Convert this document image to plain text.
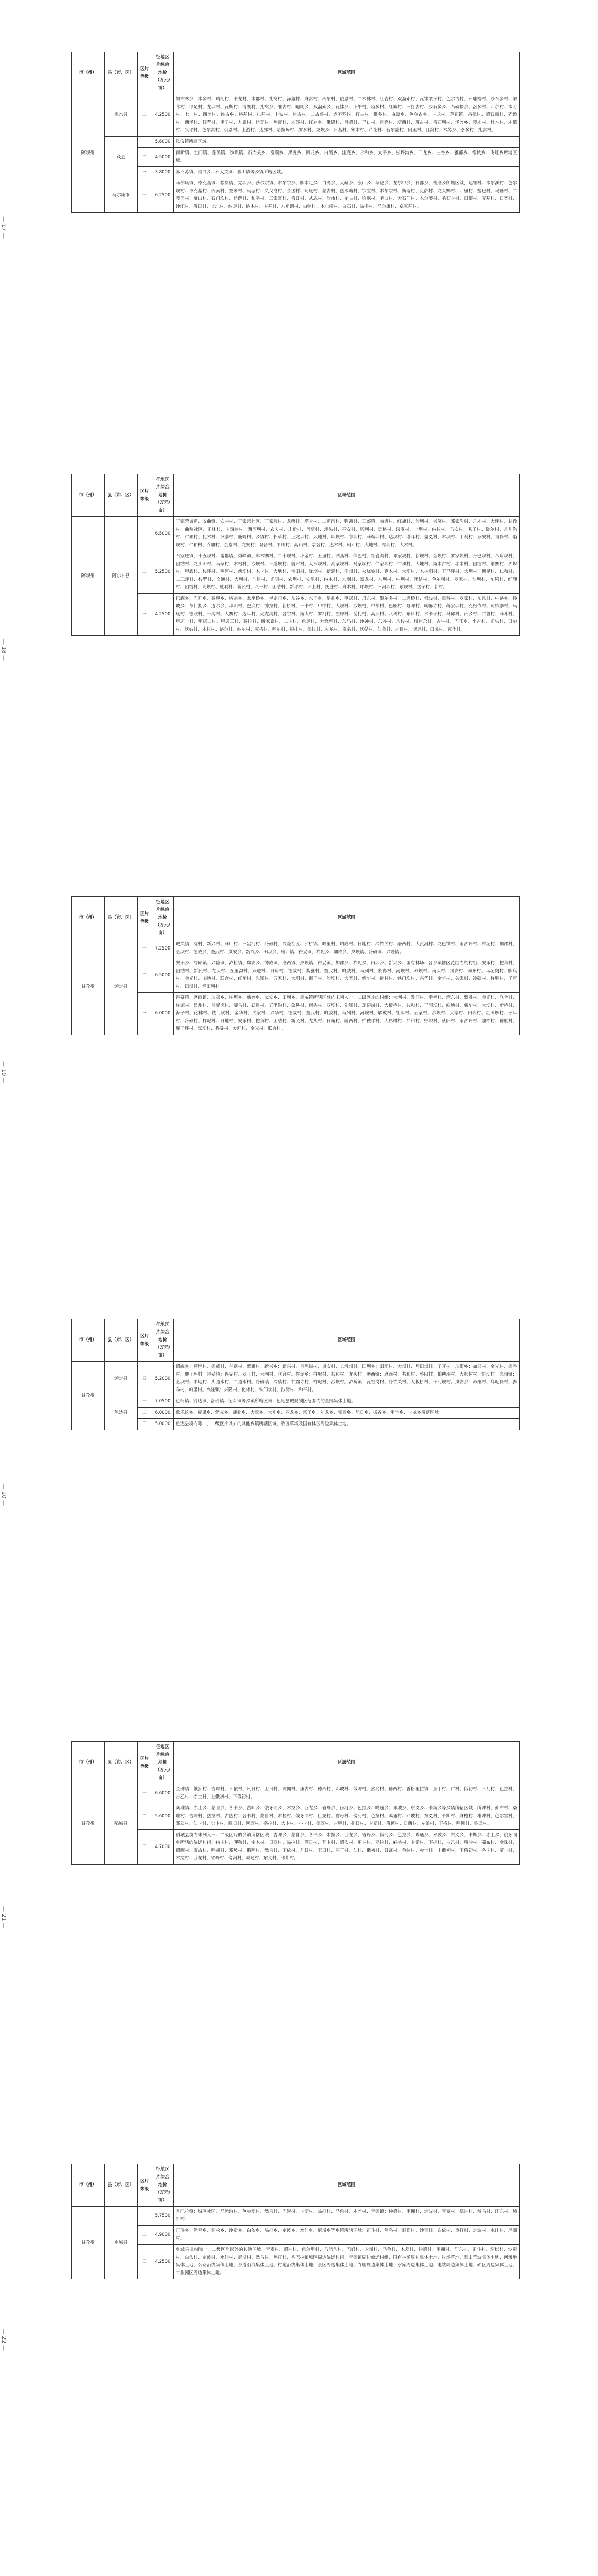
— 17 —
市（州）	县（市、区）	区片等级	征地区片综合地价（万元/亩）	区域范围
阿坝州	黑水县	二	4.2500	知木林乡：木多村、晴朗村、卡龙村、木都村、扎窝村、泽盖村、麻窝村、西尔村、俄恩村、二木林村、红岩村、双溜索村、瓦钵梁子村、色尔古村、石雕楼村、沙石多村、羊茸村、甲足村、龙坝村、瓦斯村、清朗村、扎窝乡、维古村、晴朗乡、双溜索乡、瓦钵乡、下午村、塔多村、红旗村、三打古村、沙石多乡、石碉楼乡、洛多村、西尔村、木苏村、七一村、四美村、维古乡、格基村、扎基村、卜安村、达古村、二古鲁村、赤不苏村、打古村、维多村、麻窝乡、色尔古乡、卡龙村、芦花镇、昌德村、德石窝村、齐鲁村、西泽村、红苕村、甲子村、九寨村、达瓦村、热窝村、木苏村、红岩乡、俄恩村、昌德村、马口村、月亮村、塔西村、班古村、俄石坝村、泽盖乡、嘎木村、杜木村、木都村、兴坪村、色尔窝村、俄恩村、上游村、达那村、哈拉玛村、罗多村、龙坝乡、日基村、额木村、芦花村、若尔盖村、阿里村、且窝村、木苏乡、洛多村、扎窝村。
	茂县	一	5.6000	凤仪镇所辖区域。
		二	4.5000	南新镇、土门镇、叠溪镇、沙坝镇、石大关乡、富顺乡、黑虎乡、回龙乡、白溪乡、洼底乡、永和乡、太平乡、松坪沟乡、三龙乡、曲谷乡、雅都乡、维城乡、飞虹乡所辖区域。
		三	3.8000	赤不苏镇、沟口乡、石大关镇、穆山镇等乡镇所辖区域。
	马尔康市	一	6.2500	马尔康镇、卓克基镇、松岗镇、党坝乡、沙尔宗镇、木尔宗乡、脚木足乡、白湾乡、大藏乡、康山乡、草登乡、龙尔甲乡、日部乡、梭磨乡所辖区域，达维村、木尔溪村、色尔坝村、卓克基村、西索村、查米村、马塘村、英戈洛村、茶堡村、阿底村、蒙古村、热水塘村、宗宝村、木尔宗村、斯落村、克萨村、龙头寨村、西里村、盐巴村、马塘村、二嘎里村、壤口村、石门坎村、达萨村、和平村、三家寨村、俄日村、从恩村、沙市村、龙古村、哈飘村、毛口村、大石门村、木尔溪村、毛石卡村、日都村、克基村、日寨村、沙江村、俄日村、查北村、纳足村、纳木村、卡基村、八角碉村、白赊村、木尔溪村、白石村、热多村、马尔康村、卓克基村。
— 18 —
市（州）	县（市、区）	区片等级	征地区片综合地价（万元/亩）	区域范围
阿坝州	阿尔甘县	一	6.5000	丁家营街道、安曲镇、安曲村、丁家营社区、丁家营村、龙嘎村、塔卡村、二道河村、鹦鹉村、三郎镇、前进村、红旗村、沙坝村、兴隆村、邓家沟村、丹木村、大坪村、甘孜村、曲哈社区、正林村、卡西达村、西河坝村、农夫村、庄新村、丹塘村、坪头村、平安村、塔坝村、贡格村、汉麦村、上坝村、纳拉村、马安村、秀子村、陇尔村、月儿沟村、仁和村、扎木村、汉寨村、鹿鸣村、乡镇村、长草村、上龙坝村、大地村、坝坝村、鲁坝村、马勒坝村、达坝村、塔耳村、盖义村、木坝村、甲马村、万安村、青岗村、塔坝村、仁和村、乔加村、金堂村、龙安村、观音村、平川村、高山村、宗各村、达木村、阿斗村、大地村、松坝村、大木村。
		二	5.2500	石家庄镇、十五坝村、雷都镇、秀峰镇、车木寨村、二十坝村、小金村、五里村、洒基村、伸巴村、红岩沟村、邓家坡村、新坝村、金坝村、罗家坝村、丹巴坝村、八角坝村、团结村、龙头山村、马草村、木格村、沙坝村、三道坝村、前坪村、大水坝村、高家坝村、马家坝村、仁家坝村、仁和村、大地村、斯木古村、赤木村、团结村、塔寨村、洒坝村、甲底村、梭坪村、两河村、新坝村、木卡村、大地村、宝田村、陇坝村、新建村、佳坝村、火烧坡村、克木村、大坝村、木林坝村、下马坪村、大坝村、斯足村、仁和村、二三坪村、梭罗村、交通村、大坝村、前进村、光明村、农坝村、安乐村、纳木村、木坝村、黑龙村、木坝村、中坝村、团结村、色尔坝村、罗家村、沙坝村、东风村、红旗村、团结村、高坝村、胜利村、新民村、八一村、团结村、新坪村、坪上村、跃进村、麻木村、坪坝村、三河坝村、东坝村、堡子村、新村。
		三	4.2500	巴底乡、巴旺乡、聂呷乡、格宗乡、太平桥乡、半扇门乡、东谷乡、水子乡、岳扎乡、甲居村、丹东村、墨尔多村、二道桥村、索坡村、章谷村、罗家村、东风村、中路乡、梭坡乡、革什扎乡、边尔乡、邛山村、巴底村、德拉村、新桥村、三卡村、甲中村、大坝村、沙坝村、中尔村、巴旺村、聂呷村、喇嘛寺村、蒋家坝村、克格依村、阿娘寨村、马底村、德欧村、干沟村、大寨村、边耳村、火龙沟村、各宗村、斯太村、罗柯村、庄房村、岳扎村、高顶村、八科村、布科村、水卡子村、马邱村、西乡村、古鲁村、马斗村、甲居一村、甲居二村、甲居三村、聂拉村、四家寨村、二卡村、色足村、大桑坪村、东马村、沙冲村、东谷村、八梭村、斯达尕村、吉牛村、巴旺乡、小吉村、光头村、日尔村、妖姑村、木拉村、洛尔村、纳尔村、克格村、呷尔村、根扎村、德拉村、火龙村、格宗村、妖姑村、仁鲁村、吉目村、斯足村、日戈村、克什村。
— 19 —
市（州）	县（市、区）	区片等级	征地区片综合地价（万元/亩）	区域范围
甘孜州	泸定县	一	7.2500	城关镇：沈村、新兴村、马厂村、三岔河村、冷碛村、兴隆社区、泸桥镇、咱里村、咱威村、日地村、冷竹关村、磨西村、大渡河村、龙巴铺村、雨洒坪村、杵坭村、加郡村、烹坝村、德威乡、奎武村、岚安乡、新兴乡、田坝乡、磨西镇、得妥镇、杵坭乡、加郡乡、烹坝镇、冷碛镇、兴隆镇。
		二	6.5000	安乐乡、冷碛镇、兴隆镇、泸桥镇、岚安乡、德威镇、磨西镇、烹坝镇、得妥镇、加郡乡、杵坭乡、田坝乡、新兴乡、国有林场、各乡镇辖区范围内的村组、安乐村、挖角村、团结村、新民村、龙头村、五里沟村、跃进村、日角村、德威村、紫雅村、奎武村、咱威村、马列村、象鼻村、河坝村、双坝村、南头村、岚安村、昂州村、乌坭岗村、脚乌村、金光村、咱地村、联合村、红军村、先锋村、五家村、大坝村、海子村、沙坝村、大寨村、新华村、化林村、铁门坎村、兴华村、金华村、关家村、冷碛村、杵坭村、子耳村、田坝村、烂田坝村。
		三	6.0000	得妥镇、磨西镇、加郡乡、杵坭乡、新兴乡、岚安乡、田坝乡、德威镇所辖区域内未列入一、二级区片的村组：大坝村、发旺村、幸福村、湾东村、紫雅村、金光村、联合村、杵坭村、昂州村、乌坭岗村、脚乌村、跃进村、五里沟村、象鼻村、南头村、双坝村、先锋村、瓦窑岗村、大板桥村、共和村、干河坝村、咱地村、新华村、大坝村、新桥村、海子村、化林村、铁门坎村、金华村、关家村、兴华村、德威村、奎武村、咱威村、马列村、河坝村、解放村、红军村、五家村、沙坝村、大寨村、田坝村、烂田坝村、子耳村、冷碛村、杵坭村、日地村、安乐村、挖角村、团结村、新民村、龙头村、日角村、磨西村、柏秧坪村、大杉树村、共和村、野坝村、蔡阳村、雨洒坪村、加郡村、德胜村、麂子坪村、烹坝村、得妥村、发旺村、金光村、联合村。
— 20 —
市（州）	县（市、区）	区片等级	征地区片综合地价（万元/亩）	区域范围
甘孜州	泸定县	四	5.2000	德威乡：顺坪村、德威村、奎武村、紫雅村。新兴乡：新兴村、乌坭岗村、岚安村、长河坝村。田坝乡：田坝村、大坝村、烂田坝村、子耳村。加郡乡：加郡村、金光村、德胜村、麂子坪村。得妥镇：得妥村、发旺村、大坝村、联合村。杵坭乡：杵坭村、共和村、龙头村。磨西镇：磨西村、共和村、蔡阳村、柏秧坪村、大杉树村、野坝村。烹坝镇：烹坝村、咱地村、头道水村、二道水村。冷碛镇：冷碛村、甘露寺村、杵坭村、沙坝村。泸桥镇：瓦窑岗村、冷竹关村、大板桥村、干河坝村。岚安乡：昂州村、乌坭岗村、脚乌村、咱里村。兴隆镇：兴隆村、化林村、铁门坎村、沙湾村、和平村。
	色达县	一	7.0500	色柯镇、翁达镇、洛若镇、泥朵镇等乡镇所辖区域，色达县城规划区范围内的全部集体土地。
		二	6.0000	歌乐沱乡、克果乡、然充乡、康勒乡、大章乡、大则乡、亚龙乡、塔子乡、年龙乡、霍西乡、旭日乡、杨各乡、甲学乡、卡龙乡所辖区域。
		三	5.0000	色达县境内除一、二级区片以外的其他乡镇所辖区域，牧区草场及国有林区周边集体土地。
— 21 —
市（州）	县（市、区）	区片等级	征地区片综合地价（万元/亩）	区域范围
甘孜州	稻城县	一	6.6000	金珠镇：俄顶村、吉呷村、下依村、凡日村、卫日村、呷拥村、康古村、德西村、邓坡村、俄呷村、然乌村、德西村、香格里拉镇：亚丁村、仁村、俄初村、日瓦村、色拉村、吉乙村、赤土村、上俄初村、下俄初村。
		二	5.6000	桑堆镇、赤土乡、蒙自乡、各卡乡、吉呷乡、俄牙同乡、木拉乡、巨龙乡、省母乡、傍河乡、色拉乡、噶通乡、邓坡乡、东义乡、卡斯乡等乡镇所辖区域：所冲村、茹布村、桑堆村、吉呷村、热拉村、古热村、各卡村、蒙自村、木拉村、俄牙同村、巨龙村、省母村、傍河村、色拉村、噶通村、邓坡村、东义村、卡斯村、麻格村、雄冲村、色尔宫村、邓公村、仁卡村、觉卡村、晓日村、阿西村、格拉村、大卡村、小卡村、德西村、吉呷村、扎日村、卡麦村、俄顶村、日西村、左娘村、下格村、呷拥村、鲁母村。
		三	4.7000	稻城县境内未列入一、二级区片的乡镇所辖区域：吉呷乡、蒙自乡、各卡乡、木拉乡、巨龙乡、省母乡、傍河乡、色拉乡、噶通乡、邓坡乡、东义乡、卡斯乡、赤土乡、俄牙同乡所辖的偏远村组：纳卡村、呷勒村、宗木村、日西村、热拉村、额日村、瓦卡村、德依村、更卡村、亚拉村、麻格村、卡诺村、下拥村、吉乙村、所冲村、茹布村、金珠村、德西村、康古村、呷拥村、邓坡村、俄呷村、然乌村、下依村、凡日村、卫日村、亚丁村、仁村、俄初村、日瓦村、色拉村、赤土村、上俄初村、下俄初村、各卡村、蒙自村、木拉村、巨龙村、省母村、傍河村、噶通村、东义村、卡斯村。
— 22 —
市（州）	县（市、区）	区片等级	征地区片综合地价（万元/亩）	区域范围
甘孜州	乡城县	一	5.7500	香巴拉镇：城区社区、马熊沟村、色尔坝村、然乌村、巴姆村、卡斯村、热打村、马色村、木差村、青德镇：仲德村、甲拥村、定波村、青麦村、德冲村、然乌村、汪东村、热打村。
		二	4.9000	正斗乡、然乌乡、洞松乡、沙贡乡、白依乡、热打乡、定波乡、水洼乡、尼斯乡等乡镇所辖区域：正斗村、然乌村、洞松村、沙贡村、白依村、热打村、定波村、水洼村、尼斯村。
		三	4.2500	乡城县境内除一、二级区片以外的其他区域：青麦村、德冲村、色尔坝村、马熊沟村、巴姆村、卡斯村、马色村、木差村、仲德村、甲拥村、汪东村、正斗村、洞松村、沙贡村、白依村、定波村、水洼村、尼斯村、然乌村、热打村、香巴拉镇城区周边偏远村组、青德镇周边偏远村组、国有林场周边集体土地、牧场草地、荒山荒坡集体土地、河滩地集体土地、公路沿线集体土地、乡道沿线集体土地、村道沿线集体土地、景区周边集体土地、寺庙周边集体土地、水库周边集体土地、电站周边集体土地、矿区周边集体土地、工业园区周边集体土地。
